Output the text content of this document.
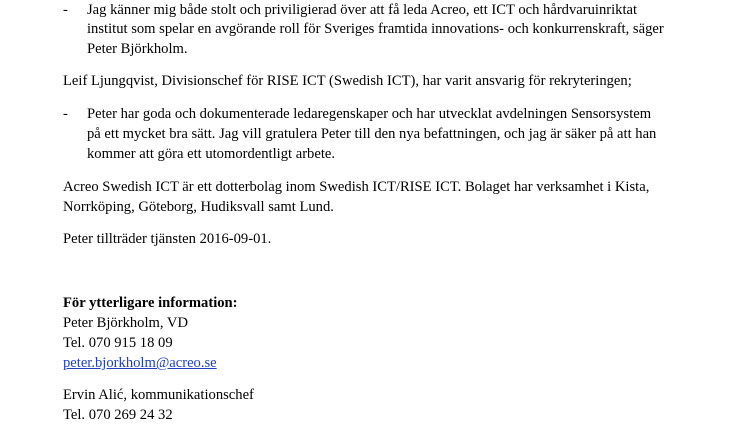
- Jag känner mig både stolt och priviligierad över att få leda Acreo, ett ICT och hårdvaruinriktat
institut som spelar en avgörande roll för Sveriges framtida innovations- och konkurrenskraft, säger
Peter Björkholm.
Leif Ljungqvist, Divisionschef för RISE ICT (Swedish ICT), har varit ansvarig för rekryteringen;
- Peter har goda och dokumenterade ledaregenskaper och har utvecklat avdelningen Sensorsystem
på ett mycket bra sätt. Jag vill gratulera Peter till den nya befattningen, och jag är säker på att han
kommer att göra ett utomordentligt arbete.
Acreo Swedish ICT är ett dotterbolag inom Swedish ICT/RISE ICT. Bolaget har verksamhet i Kista,
Norrköping, Göteborg, Hudiksvall samt Lund.
Peter tillträder tjänsten 2016-09-01.
För ytterligare information:
Peter Björkholm, VD
Tel. 070 915 18 09
peter.bjorkholm@acreo.se
Ervin Alić, kommunikationschef
Tel. 070 269 24 32
